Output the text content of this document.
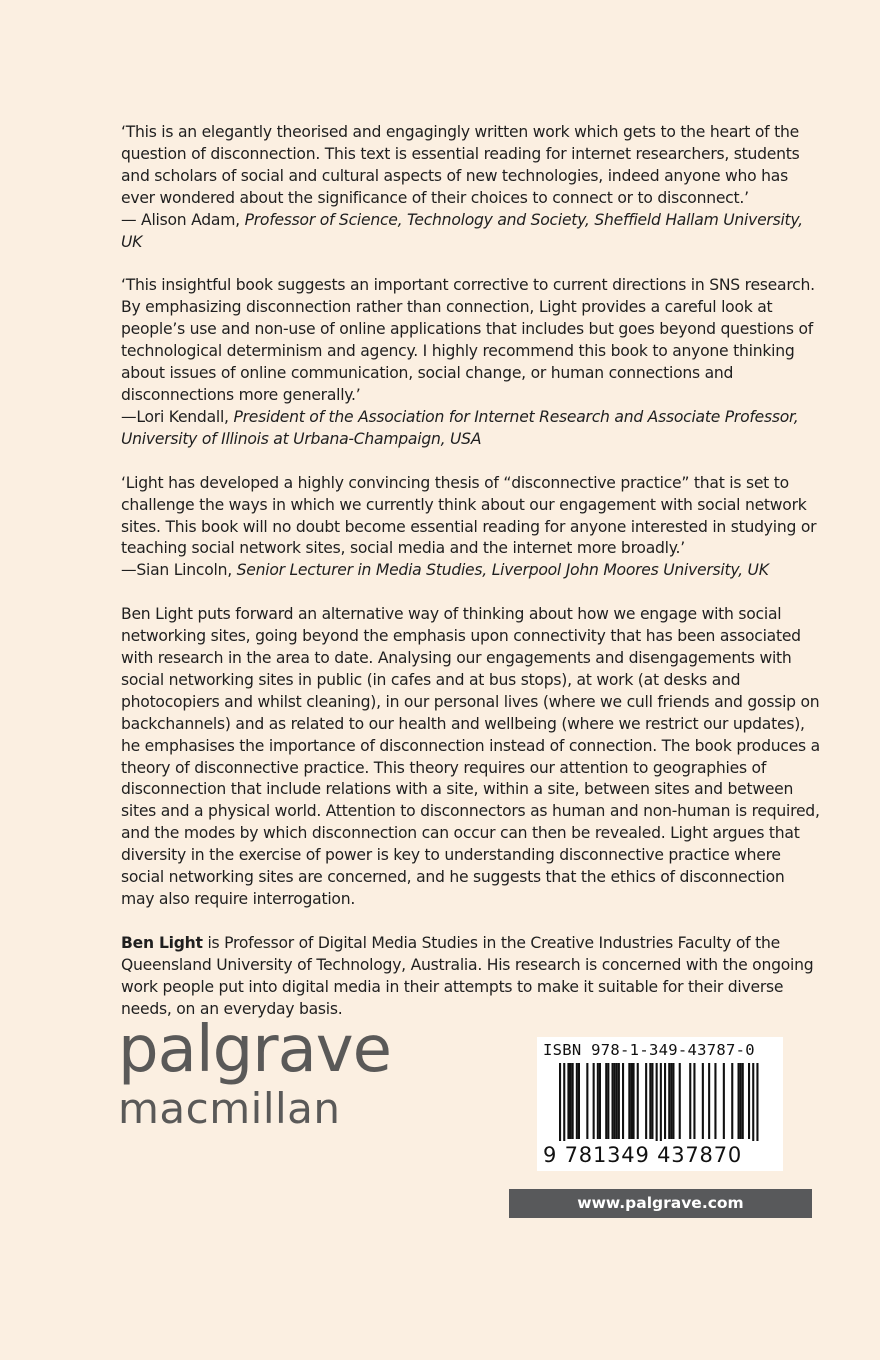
‘This is an elegantly theorised and engagingly written work which gets to the heart of the question of disconnection. This text is essential reading for internet researchers, students and scholars of social and cultural aspects of new technologies, indeed anyone who has ever wondered about the significance of their choices to connect or to disconnect.’

— Alison Adam, Professor of Science, Technology and Society, Sheffield Hallam University, UK

‘This insightful book suggests an important corrective to current directions in SNS research. By emphasizing disconnection rather than connection, Light provides a careful look at people’s use and non-use of online applications that includes but goes beyond questions of technological determinism and agency. I highly recommend this book to anyone thinking about issues of online communication, social change, or human connections and disconnections more generally.’

—Lori Kendall, President of the Association for Internet Research and Associate Professor, University of Illinois at Urbana-Champaign, USA

‘Light has developed a highly convincing thesis of “disconnective practice” that is set to challenge the ways in which we currently think about our engagement with social network sites. This book will no doubt become essential reading for anyone interested in studying or teaching social network sites, social media and the internet more broadly.’

—Sian Lincoln, Senior Lecturer in Media Studies, Liverpool John Moores University, UK

Ben Light puts forward an alternative way of thinking about how we engage with social networking sites, going beyond the emphasis upon connectivity that has been associated with research in the area to date. Analysing our engagements and disengagements with social networking sites in public (in cafes and at bus stops), at work (at desks and photocopiers and whilst cleaning), in our personal lives (where we cull friends and gossip on backchannels) and as related to our health and wellbeing (where we restrict our updates), he emphasises the importance of disconnection instead of connection. The book produces a theory of disconnective practice. This theory requires our attention to geographies of disconnection that include relations with a site, within a site, between sites and between sites and a physical world. Attention to disconnectors as human and non-human is required, and the modes by which disconnection can occur can then be revealed. Light argues that diversity in the exercise of power is key to understanding disconnective practice where social networking sites are concerned, and he suggests that the ethics of disconnection may also require interrogation.

Ben Light is Professor of Digital Media Studies in the Creative Industries Faculty of the Queensland University of Technology, Australia. His research is concerned with the ongoing work people put into digital media in their attempts to make it suitable for their diverse needs, on an everyday basis.

palgrave
macmillan
ISBN 978-1-349-43787-0
9 781349 437870
www.palgrave.com
